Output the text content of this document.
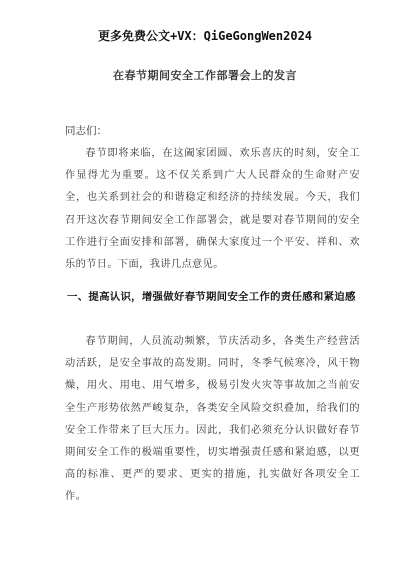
更多免费公文+VX：QiGeGongWen2024
在春节期间安全工作部署会上的发言
同志们：
春节即将来临，在这阖家团圆、欢乐喜庆的时刻，安全工作显得尤为重要。这不仅关系到广大人民群众的生命财产安全，也关系到社会的和谐稳定和经济的持续发展。今天，我们召开这次春节期间安全工作部署会，就是要对春节期间的安全工作进行全面安排和部署，确保大家度过一个平安、祥和、欢乐的节日。下面，我讲几点意见。
一、提高认识，增强做好春节期间安全工作的责任感和紧迫感
春节期间，人员流动频繁，节庆活动多，各类生产经营活动活跃，是安全事故的高发期。同时，冬季气候寒冷，风干物燥，用火、用电、用气增多，极易引发火灾等事故加之当前安全生产形势依然严峻复杂，各类安全风险交织叠加，给我们的安全工作带来了巨大压力。因此，我们必须充分认识做好春节期间安全工作的极端重要性，切实增强责任感和紧迫感，以更高的标准、更严的要求、更实的措施，扎实做好各项安全工作。
